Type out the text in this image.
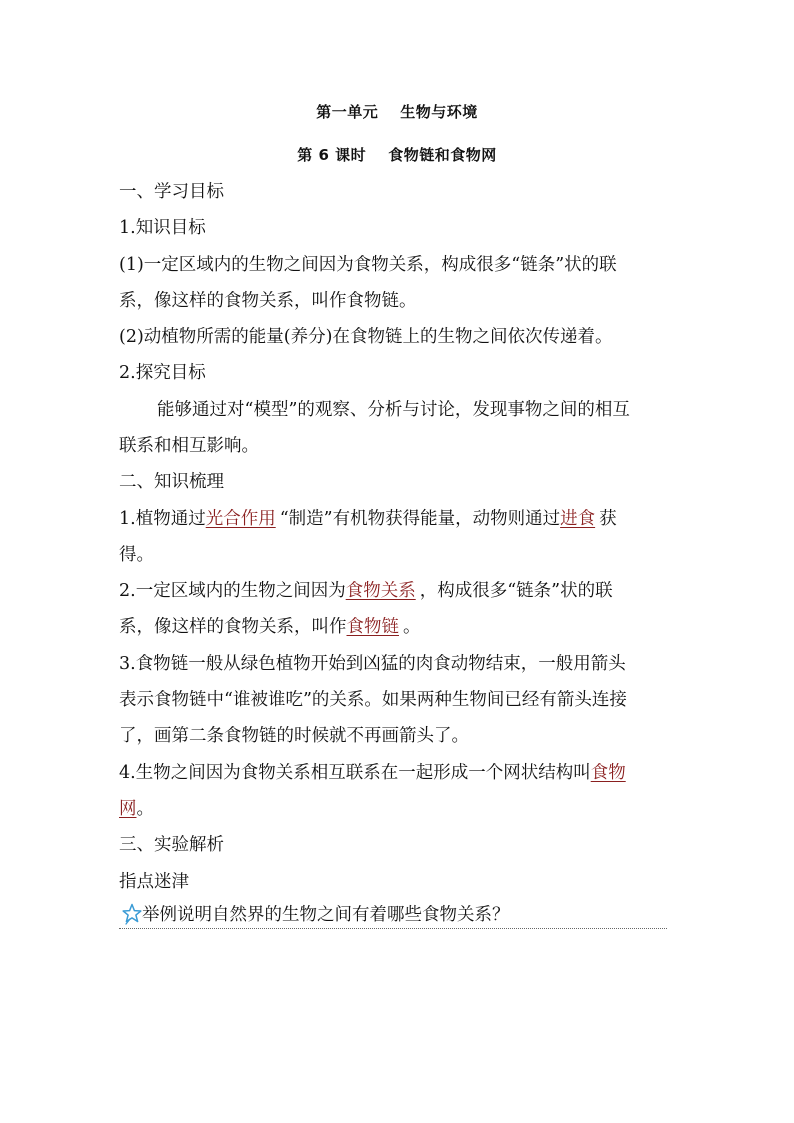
第一单元 生物与环境
第 6 课时 食物链和食物网
一、学习目标
1.知识目标
(1)一定区域内的生物之间因为食物关系，构成很多“链条”状的联
系，像这样的食物关系，叫作食物链。
(2)动植物所需的能量(养分)在食物链上的生物之间依次传递着。
2.探究目标
能够通过对“模型”的观察、分析与讨论，发现事物之间的相互
联系和相互影响。
二、知识梳理
1.植物通过光合作用 “制造”有机物获得能量，动物则通过进食 获
得。
2.一定区域内的生物之间因为食物关系 ，构成很多“链条”状的联
系，像这样的食物关系，叫作食物链 。
3.食物链一般从绿色植物开始到凶猛的肉食动物结束，一般用箭头
表示食物链中“谁被谁吃”的关系。如果两种生物间已经有箭头连接
了，画第二条食物链的时候就不再画箭头了。
4.生物之间因为食物关系相互联系在一起形成一个网状结构叫食物
网。
三、实验解析
指点迷津
举例说明自然界的生物之间有着哪些食物关系？
